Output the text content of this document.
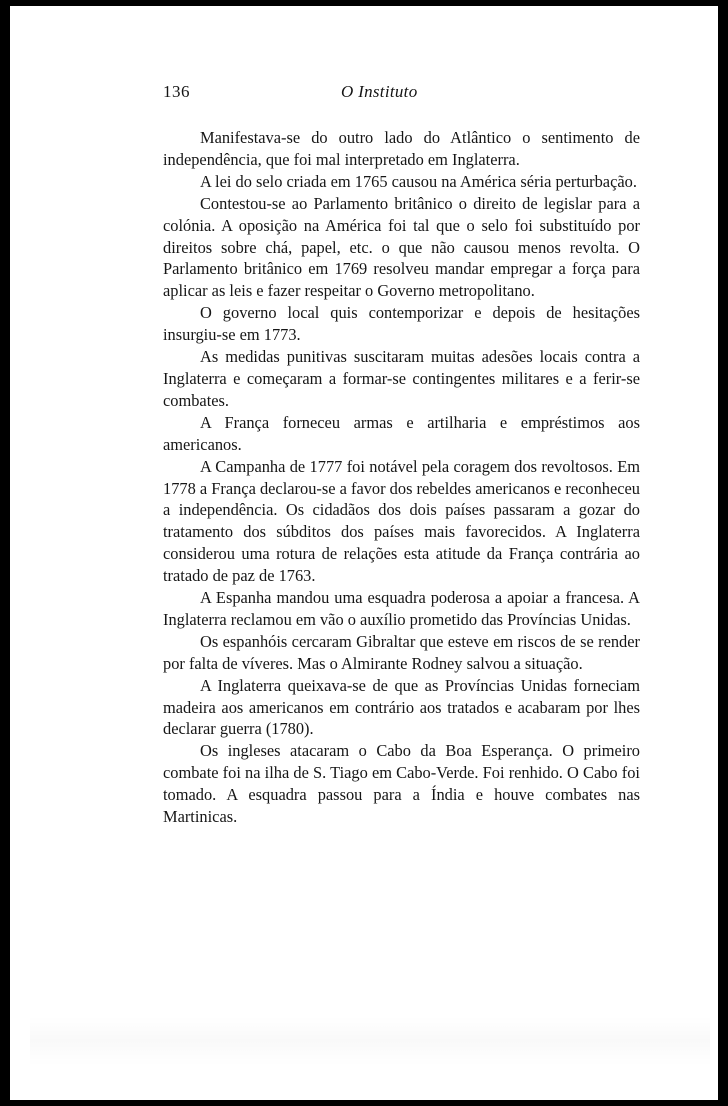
136	O Instituto

Manifestava-se do outro lado do Atlântico o sentimento de independência, que foi mal interpretado em Inglaterra.

A lei do selo criada em 1765 causou na América séria perturbação.

Contestou-se ao Parlamento britânico o direito de legislar para a colónia. A oposição na América foi tal que o selo foi substituído por direitos sobre chá, papel, etc. o que não causou menos revolta. O Parlamento britânico em 1769 resolveu mandar empregar a força para aplicar as leis e fazer respeitar o Governo metropolitano.

O governo local quis contemporizar e depois de hesitações insurgiu-se em 1773.

As medidas punitivas suscitaram muitas adesões locais contra a Inglaterra e começaram a formar-se contingentes militares e a ferir-se combates.

A França forneceu armas e artilharia e empréstimos aos americanos.

A Campanha de 1777 foi notável pela coragem dos revoltosos. Em 1778 a França declarou-se a favor dos rebeldes americanos e reconheceu a independência. Os cidadãos dos dois países passaram a gozar do tratamento dos súbditos dos países mais favorecidos. A Inglaterra considerou uma rotura de relações esta atitude da França contrária ao tratado de paz de 1763.

A Espanha mandou uma esquadra poderosa a apoiar a francesa. A Inglaterra reclamou em vão o auxílio prometido das Províncias Unidas.

Os espanhóis cercaram Gibraltar que esteve em riscos de se render por falta de víveres. Mas o Almirante Rodney salvou a situação.

A Inglaterra queixava-se de que as Províncias Unidas forneciam madeira aos americanos em contrário aos tratados e acabaram por lhes declarar guerra (1780).

Os ingleses atacaram o Cabo da Boa Esperança. O primeiro combate foi na ilha de S. Tiago em Cabo-Verde. Foi renhido. O Cabo foi tomado. A esquadra passou para a Índia e houve combates nas Martinicas.
